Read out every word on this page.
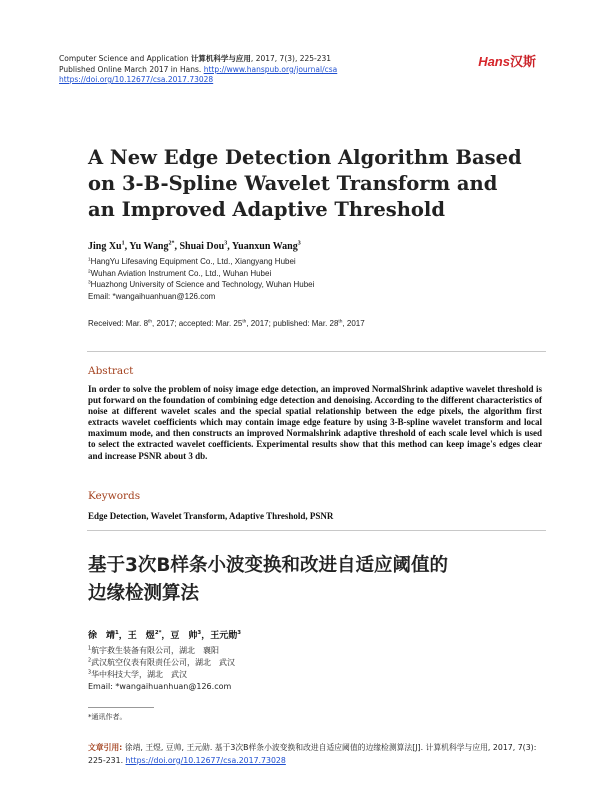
Computer Science and Application 计算机科学与应用, 2017, 7(3), 225-231
Published Online March 2017 in Hans. http://www.hanspub.org/journal/csa
https://doi.org/10.12677/csa.2017.73028
Hans汉斯
A New Edge Detection Algorithm Based on 3-B-Spline Wavelet Transform and an Improved Adaptive Threshold
Jing Xu$^1$, Yu Wang$^{2*}$, Shuai Dou$^3$, Yuanxun Wang$^3$
$^1$HangYu Lifesaving Equipment Co., Ltd., Xiangyang Hubei
$^2$Wuhan Aviation Instrument Co., Ltd., Wuhan Hubei
$^3$Huazhong University of Science and Technology, Wuhan Hubei
Email: *wangaihuanhuan@126.com
Received: Mar. 8th, 2017; accepted: Mar. 25th, 2017; published: Mar. 28th, 2017
Abstract
In order to solve the problem of noisy image edge detection, an improved NormalShrink adaptive wavelet threshold is put forward on the foundation of combining edge detection and denoising. According to the different characteristics of noise at different wavelet scales and the special spatial relationship between the edge pixels, the algorithm first extracts wavelet coefficients which may contain image edge feature by using 3-B-spline wavelet transform and local maximum mode, and then constructs an improved Normalshrink adaptive threshold of each scale level which is used to select the extracted wavelet coefficients. Experimental results show that this method can keep image's edges clear and increase PSNR about 3 db.
Keywords
Edge Detection, Wavelet Transform, Adaptive Threshold, PSNR
基于3次B样条小波变换和改进自适应阈值的
边缘检测算法
徐　靖$^1$，王　煜$^{2*}$，豆　帅$^3$，王元勋$^3$
$^1$航宇救生装备有限公司，湖北　襄阳
$^2$武汉航空仪表有限责任公司，湖北　武汉
$^3$华中科技大学，湖北　武汉
Email: *wangaihuanhuan@126.com
*通讯作者。
文章引用: 徐靖, 王煜, 豆帅, 王元勋. 基于3次B样条小波变换和改进自适应阈值的边缘检测算法[J]. 计算机科学与应用, 2017, 7(3): 225-231. https://doi.org/10.12677/csa.2017.73028
